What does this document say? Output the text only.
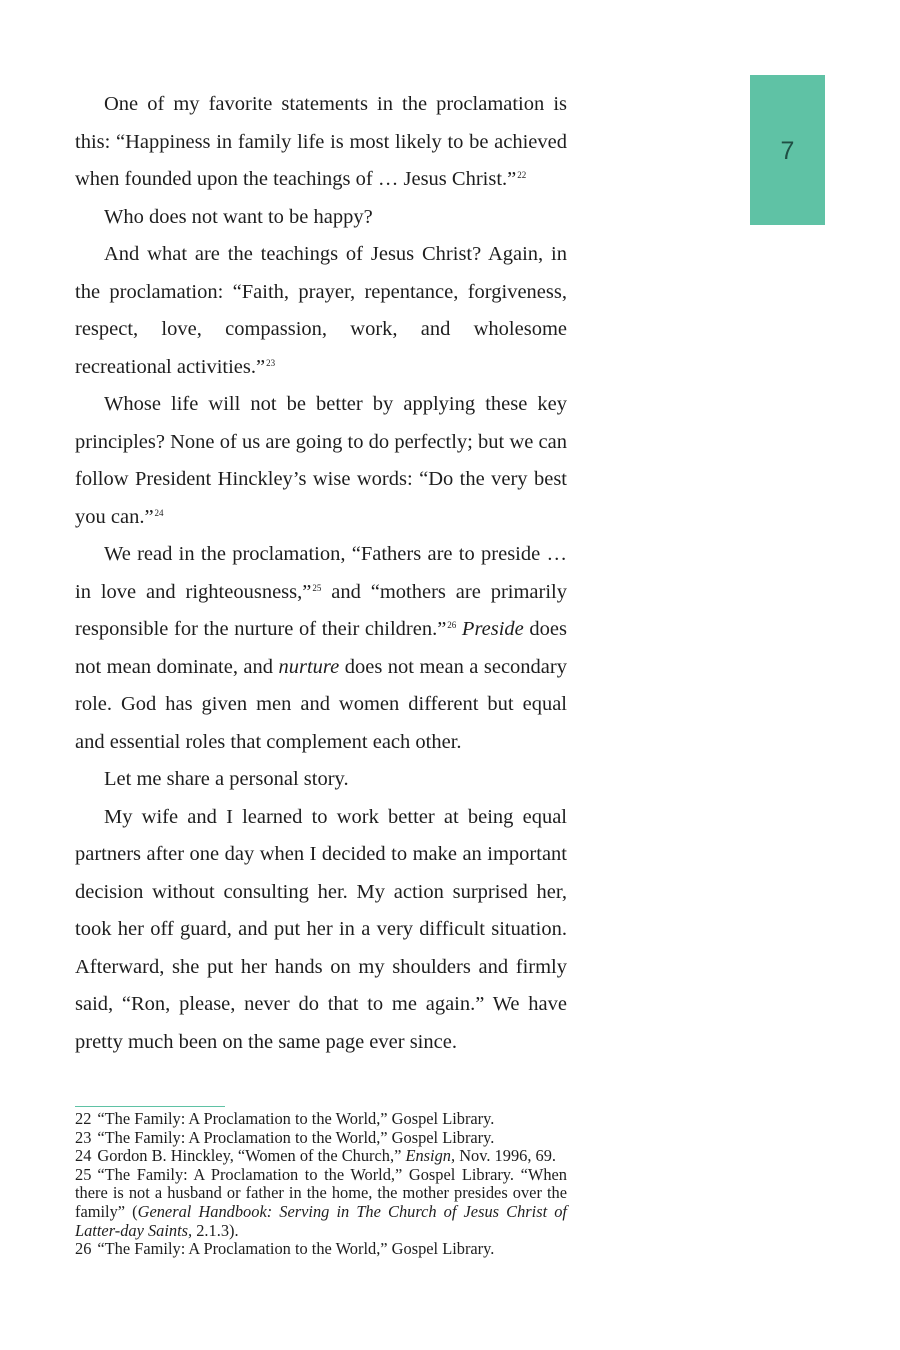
7

One of my favorite statements in the proclamation is this: “Happiness in family life is most likely to be achieved when founded upon the teachings of … Jesus Christ.”$^{22}$

Who does not want to be happy?

And what are the teachings of Jesus Christ? Again, in the proclamation: “Faith, prayer, repentance, forgiveness, respect, love, compassion, work, and wholesome recreational activities.”$^{23}$

Whose life will not be better by applying these key principles? None of us are going to do perfectly; but we can follow President Hinckley’s wise words: “Do the very best you can.”$^{24}$

We read in the proclamation, “Fathers are to preside … in love and righteousness,”$^{25}$ and “mothers are primarily responsible for the nurture of their children.”$^{26}$ Preside does not mean dominate, and nurture does not mean a secondary role. God has given men and women different but equal and essential roles that complement each other.

Let me share a personal story.

My wife and I learned to work better at being equal partners after one day when I decided to make an important decision without consulting her. My action surprised her, took her off guard, and put her in a very difficult situation. Afterward, she put her hands on my shoulders and firmly said, “Ron, please, never do that to me again.” We have pretty much been on the same page ever since.

22 “The Family: A Proclamation to the World,” Gospel Library.

23 “The Family: A Proclamation to the World,” Gospel Library.

24 Gordon B. Hinckley, “Women of the Church,” Ensign, Nov. 1996, 69.

25 “The Family: A Proclamation to the World,” Gospel Library. “When there is not a husband or father in the home, the mother presides over the family” (General Handbook: Serving in The Church of Jesus Christ of Latter-day Saints, 2.1.3).

26 “The Family: A Proclamation to the World,” Gospel Library.
